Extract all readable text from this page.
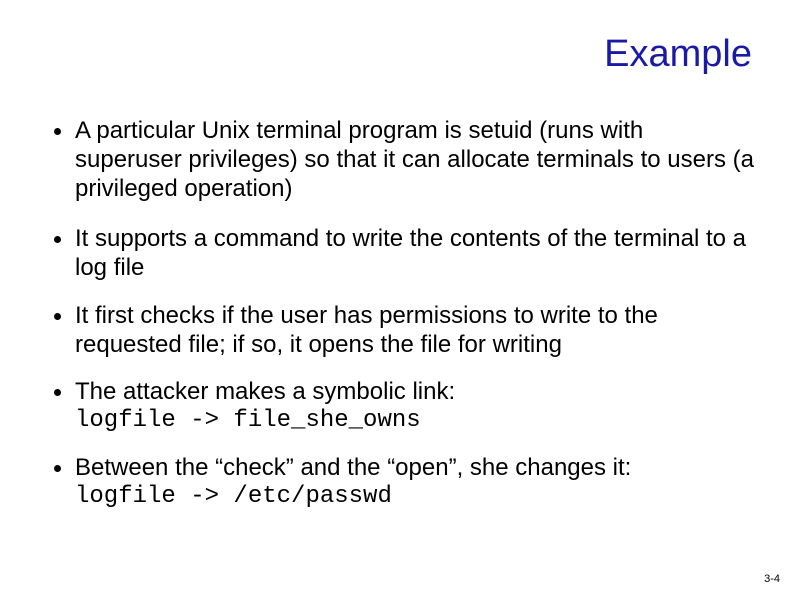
Example
A particular Unix terminal program is setuid (runs with superuser privileges) so that it can allocate terminals to users (a privileged operation)
It supports a command to write the contents of the terminal to a log file
It first checks if the user has permissions to write to the requested file; if so, it opens the file for writing
The attacker makes a symbolic link:
logfile -> file_she_owns
Between the “check” and the “open”, she changes it:
logfile -> /etc/passwd
3-4
